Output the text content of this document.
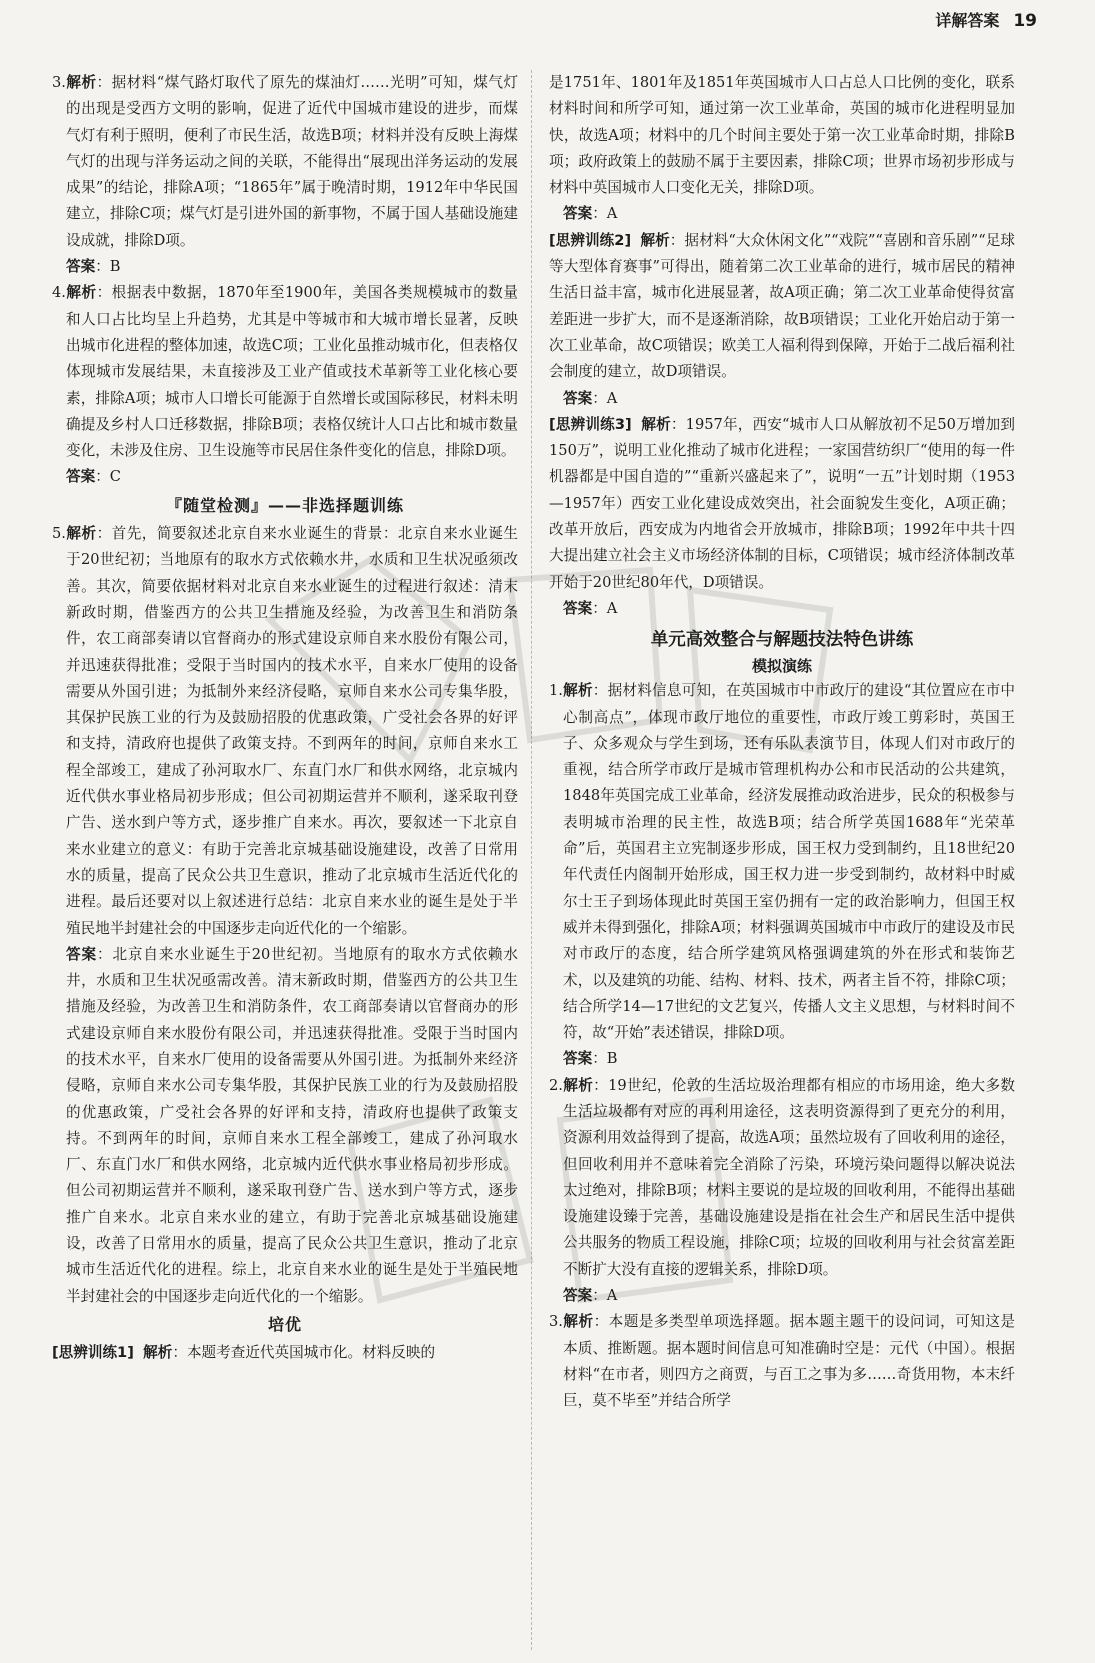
详解答案 19

3.解析：据材料“煤气路灯取代了原先的煤油灯……光明”可知，煤气灯的出现是受西方文明的影响，促进了近代中国城市建设的进步，而煤气灯有利于照明，便利了市民生活，故选B项；材料并没有反映上海煤气灯的出现与洋务运动之间的关联，不能得出“展现出洋务运动的发展成果”的结论，排除A项；“1865年”属于晚清时期，1912年中华民国建立，排除C项；煤气灯是引进外国的新事物，不属于国人基础设施建设成就，排除D项。

答案：B

4.解析：根据表中数据，1870年至1900年，美国各类规模城市的数量和人口占比均呈上升趋势，尤其是中等城市和大城市增长显著，反映出城市化进程的整体加速，故选C项；工业化虽推动城市化，但表格仅体现城市发展结果，未直接涉及工业产值或技术革新等工业化核心要素，排除A项；城市人口增长可能源于自然增长或国际移民，材料未明确提及乡村人口迁移数据，排除B项；表格仅统计人口占比和城市数量变化，未涉及住房、卫生设施等市民居住条件变化的信息，排除D项。

答案：C

『随堂检测』——非选择题训练

5.解析：首先，简要叙述北京自来水业诞生的背景：北京自来水业诞生于20世纪初；当地原有的取水方式依赖水井，水质和卫生状况亟须改善。其次，简要依据材料对北京自来水业诞生的过程进行叙述：清末新政时期，借鉴西方的公共卫生措施及经验，为改善卫生和消防条件，农工商部奏请以官督商办的形式建设京师自来水股份有限公司，并迅速获得批准；受限于当时国内的技术水平，自来水厂使用的设备需要从外国引进；为抵制外来经济侵略，京师自来水公司专集华股，其保护民族工业的行为及鼓励招股的优惠政策，广受社会各界的好评和支持，清政府也提供了政策支持。不到两年的时间，京师自来水工程全部竣工，建成了孙河取水厂、东直门水厂和供水网络，北京城内近代供水事业格局初步形成；但公司初期运营并不顺利，遂采取刊登广告、送水到户等方式，逐步推广自来水。再次，要叙述一下北京自来水业建立的意义：有助于完善北京城基础设施建设，改善了日常用水的质量，提高了民众公共卫生意识，推动了北京城市生活近代化的进程。最后还要对以上叙述进行总结：北京自来水业的诞生是处于半殖民地半封建社会的中国逐步走向近代化的一个缩影。

答案：北京自来水业诞生于20世纪初。当地原有的取水方式依赖水井，水质和卫生状况亟需改善。清末新政时期，借鉴西方的公共卫生措施及经验，为改善卫生和消防条件，农工商部奏请以官督商办的形式建设京师自来水股份有限公司，并迅速获得批准。受限于当时国内的技术水平，自来水厂使用的设备需要从外国引进。为抵制外来经济侵略，京师自来水公司专集华股，其保护民族工业的行为及鼓励招股的优惠政策，广受社会各界的好评和支持，清政府也提供了政策支持。不到两年的时间，京师自来水工程全部竣工，建成了孙河取水厂、东直门水厂和供水网络，北京城内近代供水事业格局初步形成。但公司初期运营并不顺利，遂采取刊登广告、送水到户等方式，逐步推广自来水。北京自来水业的建立，有助于完善北京城基础设施建设，改善了日常用水的质量，提高了民众公共卫生意识，推动了北京城市生活近代化的进程。综上，北京自来水业的诞生是处于半殖民地半封建社会的中国逐步走向近代化的一个缩影。

培优

[思辨训练1] 解析：本题考查近代英国城市化。材料反映的

是1751年、1801年及1851年英国城市人口占总人口比例的变化，联系材料时间和所学可知，通过第一次工业革命，英国的城市化进程明显加快，故选A项；材料中的几个时间主要处于第一次工业革命时期，排除B项；政府政策上的鼓励不属于主要因素，排除C项；世界市场初步形成与材料中英国城市人口变化无关，排除D项。

答案：A

[思辨训练2] 解析：据材料“大众休闲文化”“戏院”“喜剧和音乐剧”“足球等大型体育赛事”可得出，随着第二次工业革命的进行，城市居民的精神生活日益丰富，城市化进展显著，故A项正确；第二次工业革命使得贫富差距进一步扩大，而不是逐渐消除，故B项错误；工业化开始启动于第一次工业革命，故C项错误；欧美工人福利得到保障，开始于二战后福利社会制度的建立，故D项错误。

答案：A

[思辨训练3] 解析：1957年，西安“城市人口从解放初不足50万增加到150万”，说明工业化推动了城市化进程；一家国营纺织厂“使用的每一件机器都是中国自造的”“重新兴盛起来了”，说明“一五”计划时期（1953—1957年）西安工业化建设成效突出，社会面貌发生变化，A项正确；改革开放后，西安成为内地省会开放城市，排除B项；1992年中共十四大提出建立社会主义市场经济体制的目标，C项错误；城市经济体制改革开始于20世纪80年代，D项错误。

答案：A

单元高效整合与解题技法特色讲练

模拟演练

1.解析：据材料信息可知，在英国城市中市政厅的建设“其位置应在市中心制高点”，体现市政厅地位的重要性，市政厅竣工剪彩时，英国王子、众多观众与学生到场，还有乐队表演节目，体现人们对市政厅的重视，结合所学市政厅是城市管理机构办公和市民活动的公共建筑，1848年英国完成工业革命，经济发展推动政治进步，民众的积极参与表明城市治理的民主性，故选B项；结合所学英国1688年“光荣革命”后，英国君主立宪制逐步形成，国王权力受到制约，且18世纪20年代责任内阁制开始形成，国王权力进一步受到制约，故材料中时威尔士王子到场体现此时英国王室仍拥有一定的政治影响力，但国王权威并未得到强化，排除A项；材料强调英国城市中市政厅的建设及市民对市政厅的态度，结合所学建筑风格强调建筑的外在形式和装饰艺术，以及建筑的功能、结构、材料、技术，两者主旨不符，排除C项；结合所学14—17世纪的文艺复兴，传播人文主义思想，与材料时间不符，故“开始”表述错误，排除D项。

答案：B

2.解析：19世纪，伦敦的生活垃圾治理都有相应的市场用途，绝大多数生活垃圾都有对应的再利用途径，这表明资源得到了更充分的利用，资源利用效益得到了提高，故选A项；虽然垃圾有了回收利用的途径，但回收利用并不意味着完全消除了污染，环境污染问题得以解决说法太过绝对，排除B项；材料主要说的是垃圾的回收利用，不能得出基础设施建设臻于完善，基础设施建设是指在社会生产和居民生活中提供公共服务的物质工程设施，排除C项；垃圾的回收利用与社会贫富差距不断扩大没有直接的逻辑关系，排除D项。

答案：A

3.解析：本题是多类型单项选择题。据本题主题干的设问词，可知这是本质、推断题。据本题时间信息可知准确时空是：元代（中国）。根据材料“在市者，则四方之商贾，与百工之事为多……奇货用物，本末纤巨，莫不毕至”并结合所学
